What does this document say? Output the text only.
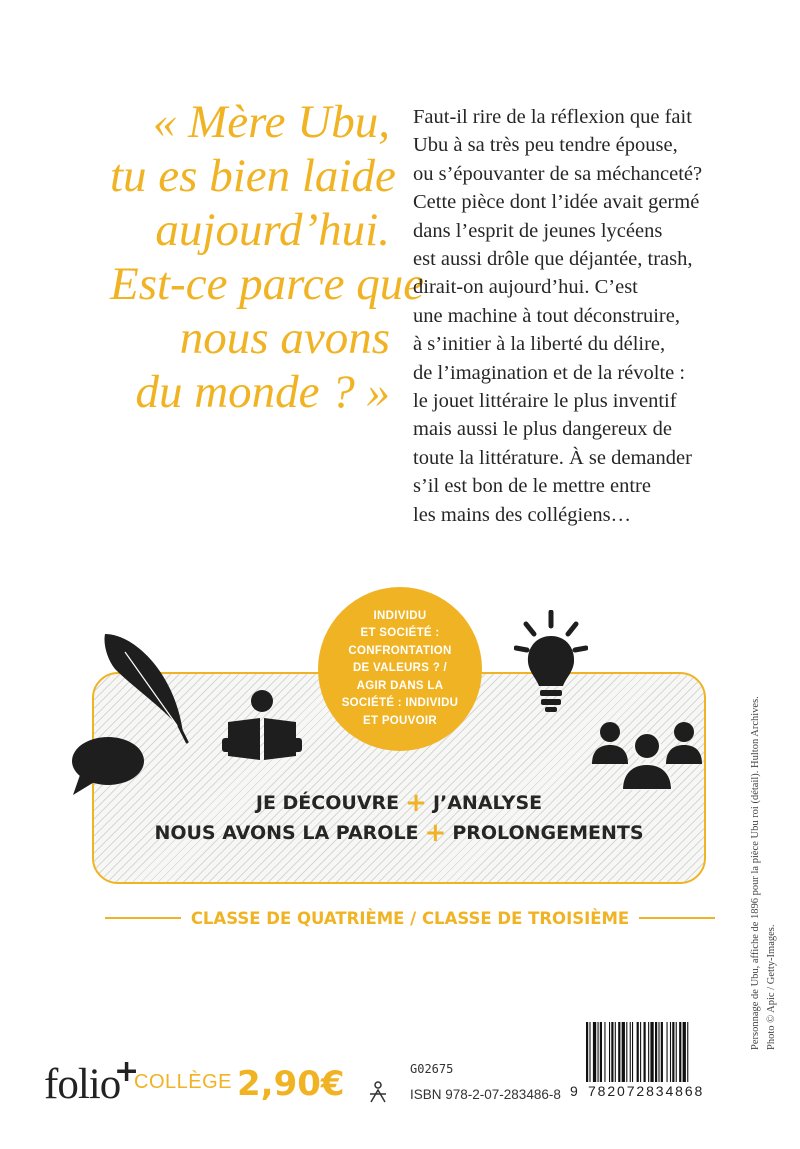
« Mère Ubu,
tu es bien laide
aujourd’hui.
Est-ce parce que
nous avons
du monde ? »
Faut-il rire de la réflexion que fait
Ubu à sa très peu tendre épouse,
ou s’épouvanter de sa méchanceté?
Cette pièce dont l’idée avait germé
dans l’esprit de jeunes lycéens
est aussi drôle que déjantée, trash,
dirait-on aujourd’hui. C’est
une machine à tout déconstruire,
à s’initier à la liberté du délire,
de l’imagination et de la révolte :
le jouet littéraire le plus inventif
mais aussi le plus dangereux de
toute la littérature. À se demander
s’il est bon de le mettre entre
les mains des collégiens…
INDIVIDU
ET SOCIÉTÉ :
CONFRONTATION
DE VALEURS ? /
AGIR DANS LA
SOCIÉTÉ : INDIVIDU
ET POUVOIR
JE DÉCOUVRE + J’ANALYSE
NOUS AVONS LA PAROLE + PROLONGEMENTS
CLASSE DE QUATRIÈME / CLASSE DE TROISIÈME
folio
+
COLLÈGE 2,90€	G02675
ISBN 978-2-07-283486-8 9 782072834868
Personnage de Ubu, affiche de 1896 pour la pièce Ubu roi (détail). Hulton Archives. Photo © Apic / Getty-Images.
